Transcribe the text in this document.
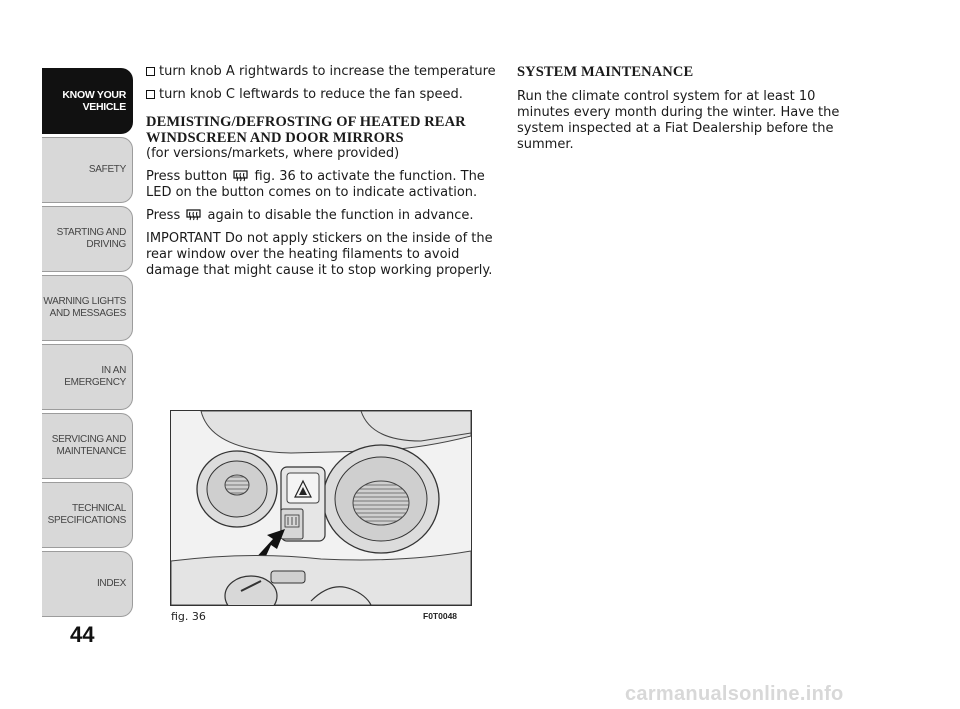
KNOW YOUR
VEHICLE
SAFETY
STARTING AND
DRIVING
WARNING LIGHTS
AND MESSAGES
IN AN EMERGENCY
SERVICING AND
MAINTENANCE
TECHNICAL
SPECIFICATIONS
INDEX
44

turn knob A rightwards to increase the temperature

turn knob C leftwards to reduce the fan speed.

DEMISTING/DEFROSTING OF HEATED REAR WINDSCREEN AND DOOR MIRRORS

(for versions/markets, where provided)

Press button fig. 36 to activate the function. The LED on the button comes on to indicate activation.

Press again to disable the function in advance.

IMPORTANT Do not apply stickers on the inside of the rear window over the heating filaments to avoid damage that might cause it to stop working properly.

SYSTEM MAINTENANCE

Run the climate control system for at least 10 minutes every month during the winter. Have the system inspected at a Fiat Dealership before the summer.

fig. 36	F0T0048
carmanualsonline.info
